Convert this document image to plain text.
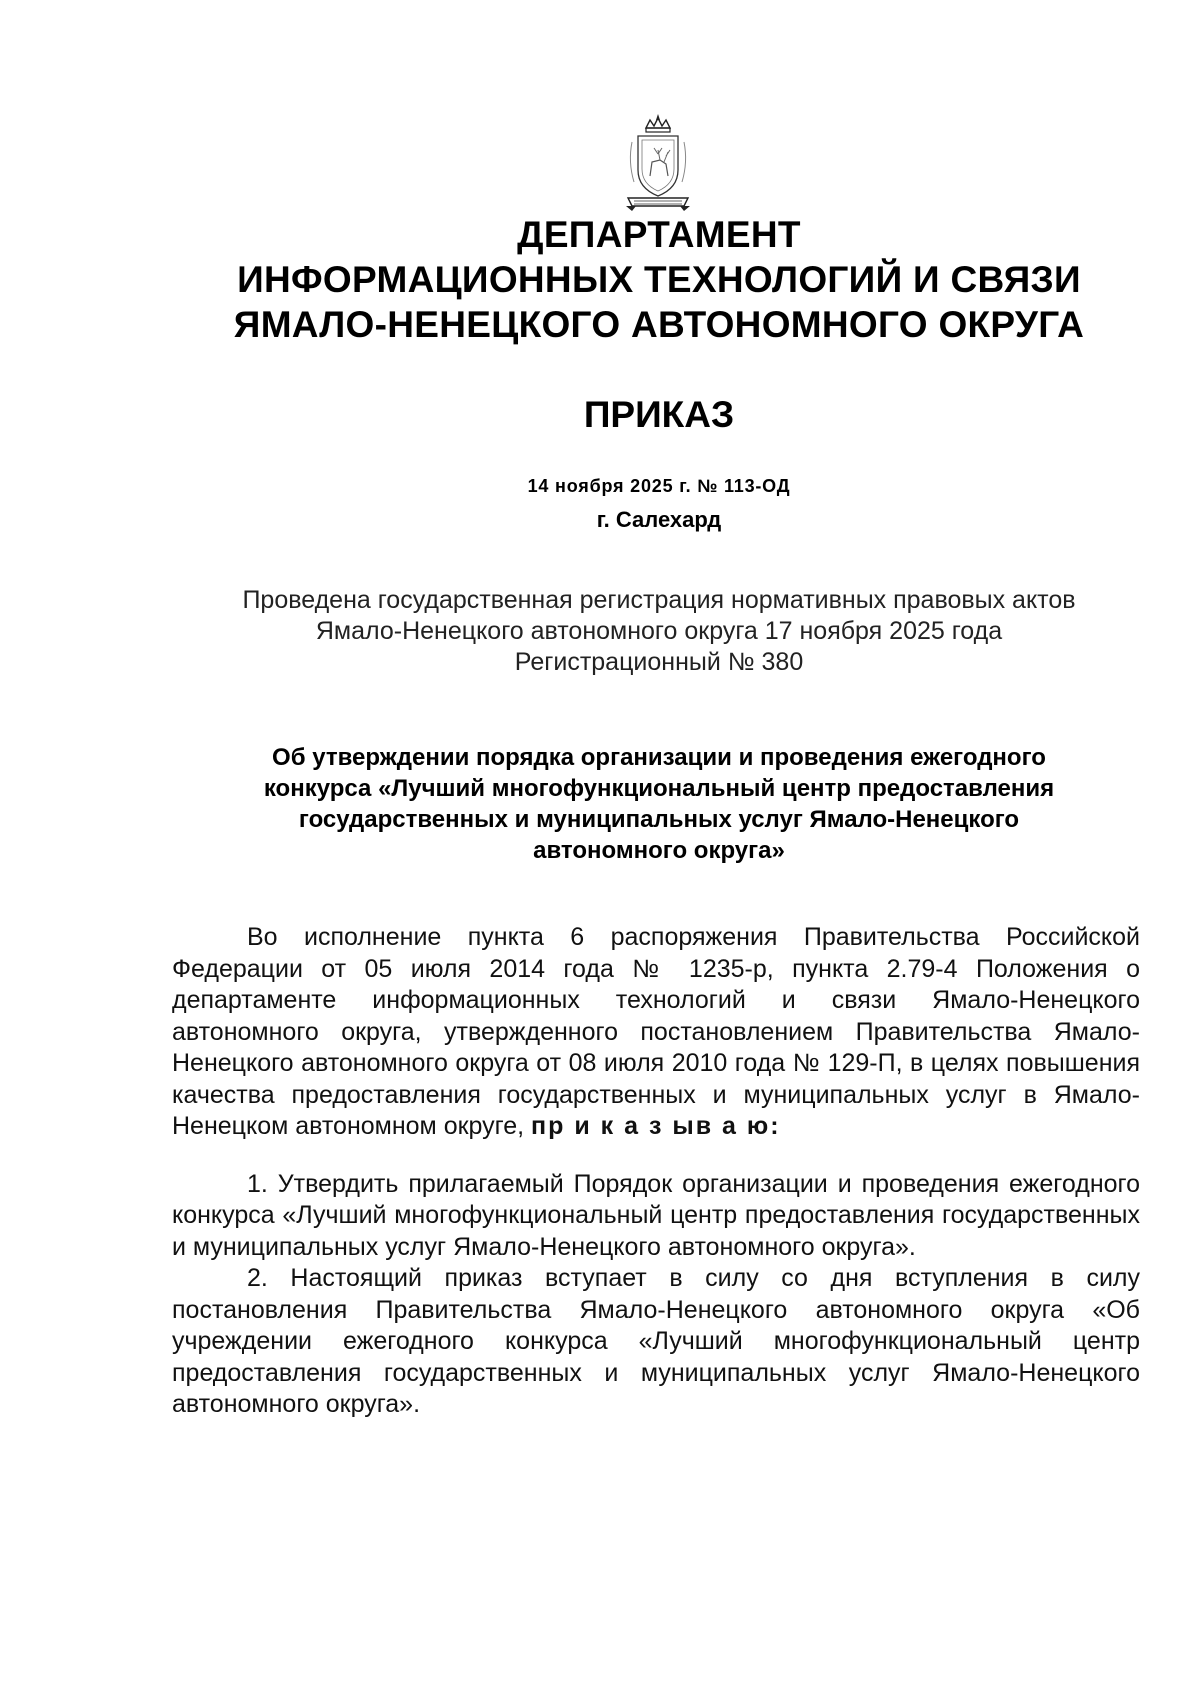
ДЕПАРТАМЕНТ
ИНФОРМАЦИОННЫХ ТЕХНОЛОГИЙ И СВЯЗИ
ЯМАЛО-НЕНЕЦКОГО АВТОНОМНОГО ОКРУГА
ПРИКАЗ
14 ноября 2025 г. № 113-ОД
г. Салехард
Проведена государственная регистрация нормативных правовых актов
Ямало-Ненецкого автономного округа 17 ноября 2025 года
Регистрационный № 380
Об утверждении порядка организации и проведения ежегодного
конкурса «Лучший многофункциональный центр предоставления
государственных и муниципальных услуг Ямало-Ненецкого
автономного округа»

Во исполнение пункта 6 распоряжения Правительства Российской Федерации от 05 июля 2014 года № 1235-р, пункта 2.79-4 Положения о департаменте информационных технологий и связи Ямало-Ненецкого автономного округа, утвержденного постановлением Правительства Ямало-Ненецкого автономного округа от 08 июля 2010 года № 129-П, в целях повышения качества предоставления государственных и муниципальных услуг в Ямало-Ненецком автономном округе, пр и к а з ыв а ю:

1. Утвердить прилагаемый Порядок организации и проведения ежегодного конкурса «Лучший многофункциональный центр предоставления государственных и муниципальных услуг Ямало-Ненецкого автономного округа».

2. Настоящий приказ вступает в силу со дня вступления в силу постановления Правительства Ямало-Ненецкого автономного округа «Об учреждении ежегодного конкурса «Лучший многофункциональный центр предоставления государственных и муниципальных услуг Ямало-Ненецкого автономного округа».
